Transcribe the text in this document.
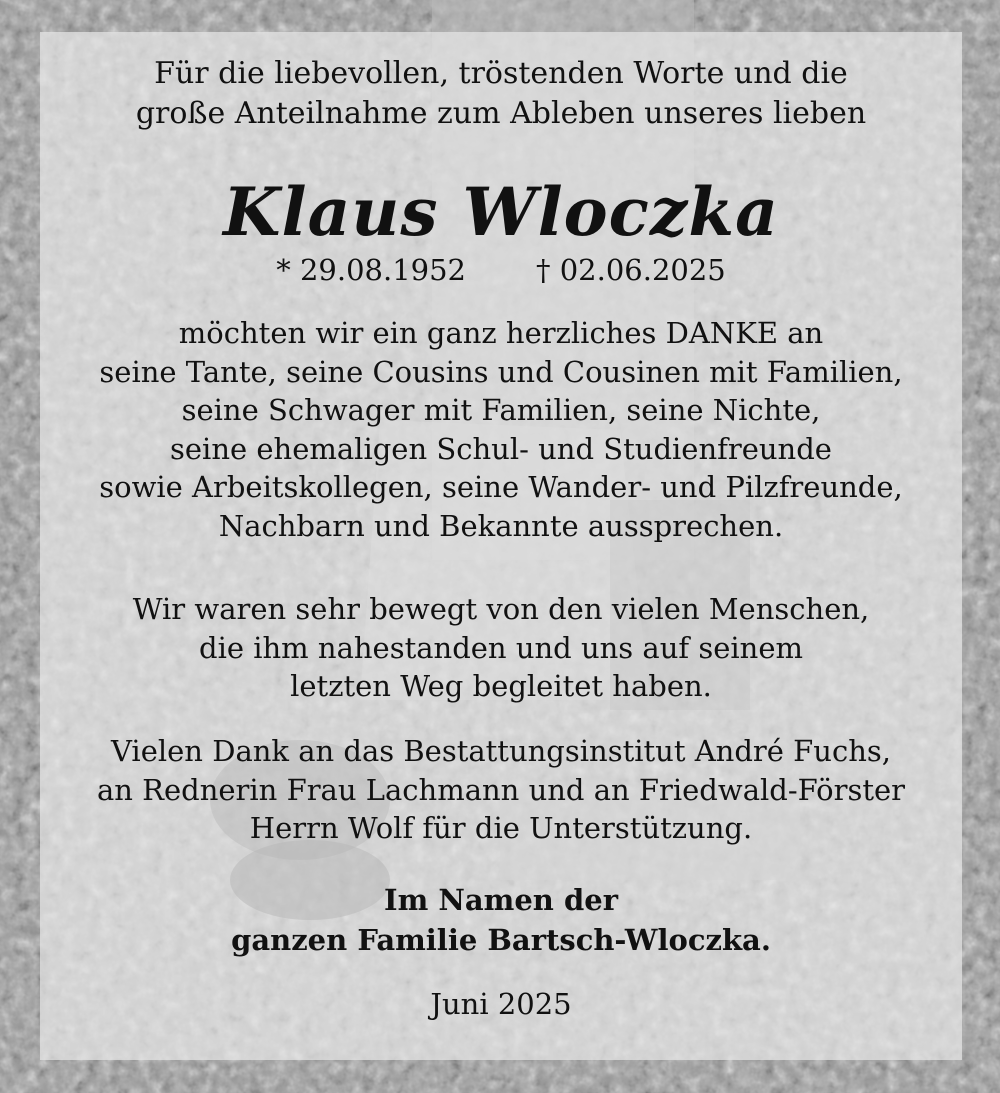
Für die liebevollen, tröstenden Worte und die
große Anteilnahme zum Ableben unseres lieben
Klaus Wloczka
* 29.08.1952 † 02.06.2025
möchten wir ein ganz herzliches DANKE an
seine Tante, seine Cousins und Cousinen mit Familien,
seine Schwager mit Familien, seine Nichte,
seine ehemaligen Schul- und Studienfreunde
sowie Arbeitskollegen, seine Wander- und Pilzfreunde,
Nachbarn und Bekannte aussprechen.
Wir waren sehr bewegt von den vielen Menschen,
die ihm nahestanden und uns auf seinem
letzten Weg begleitet haben.
Vielen Dank an das Bestattungsinstitut André Fuchs,
an Rednerin Frau Lachmann und an Friedwald-Förster
Herrn Wolf für die Unterstützung.
Im Namen der
ganzen Familie Bartsch-Wloczka.
Juni 2025
